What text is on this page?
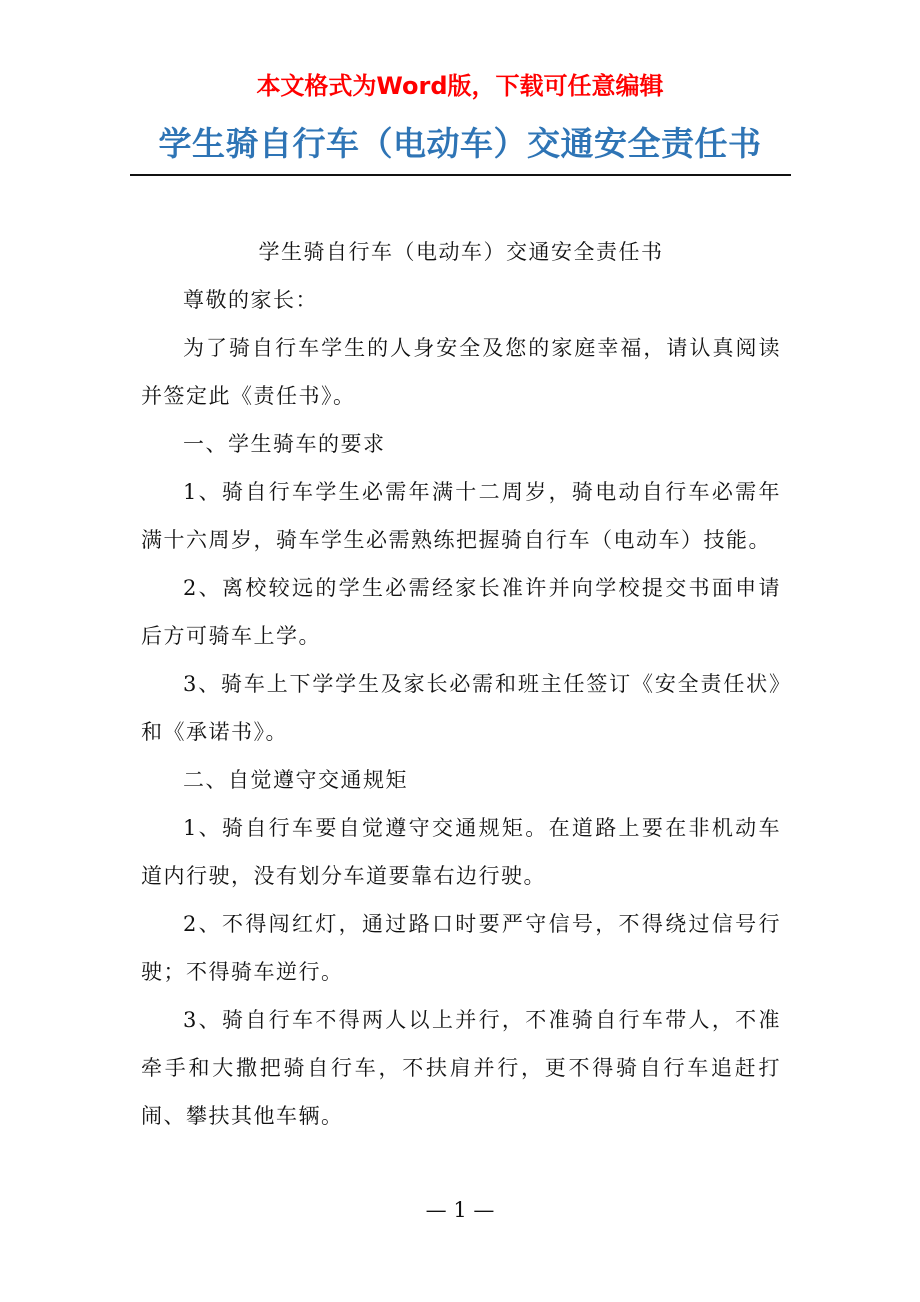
本文格式为Word版，下载可任意编辑
学生骑自行车（电动车）交通安全责任书

学生骑自行车（电动车）交通安全责任书

尊敬的家长：

为了骑自行车学生的人身安全及您的家庭幸福，请认真阅读并签定此《责任书》。

一、学生骑车的要求

1、骑自行车学生必需年满十二周岁，骑电动自行车必需年满十六周岁，骑车学生必需熟练把握骑自行车（电动车）技能。

2、离校较远的学生必需经家长准许并向学校提交书面申请后方可骑车上学。

3、骑车上下学学生及家长必需和班主任签订《安全责任状》和《承诺书》。

二、自觉遵守交通规矩

1、骑自行车要自觉遵守交通规矩。在道路上要在非机动车道内行驶，没有划分车道要靠右边行驶。

2、不得闯红灯，通过路口时要严守信号，不得绕过信号行驶；不得骑车逆行。

3、骑自行车不得两人以上并行，不准骑自行车带人，不准牵手和大撒把骑自行车，不扶肩并行，更不得骑自行车追赶打闹、攀扶其他车辆。

— 1 —
